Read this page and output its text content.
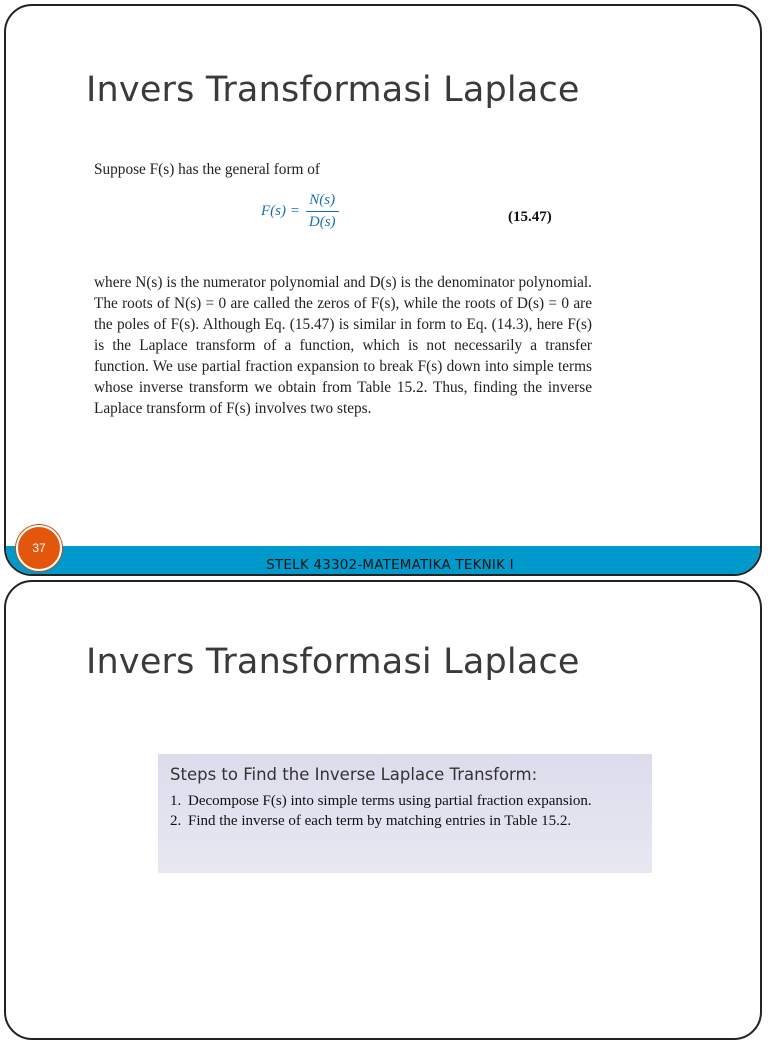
Invers Transformasi Laplace
Suppose F(s) has the general form of
$F(s) = \frac{N(s)}{D(s)}$	(15.47)
where N(s) is the numerator polynomial and D(s) is the denominator polynomial. The roots of N(s) = 0 are called the zeros of F(s), while the roots of D(s) = 0 are the poles of F(s). Although Eq. (15.47) is similar in form to Eq. (14.3), here F(s) is the Laplace transform of a function, which is not necessarily a transfer function. We use partial fraction expansion to break F(s) down into simple terms whose inverse transform we obtain from Table 15.2. Thus, finding the inverse Laplace transform of F(s) involves two steps.
STELK 43302-MATEMATIKA TEKNIK I
37
Invers Transformasi Laplace
Steps to Find the Inverse Laplace Transform:
1. Decompose F(s) into simple terms using partial fraction expansion.
2. Find the inverse of each term by matching entries in Table 15.2.
